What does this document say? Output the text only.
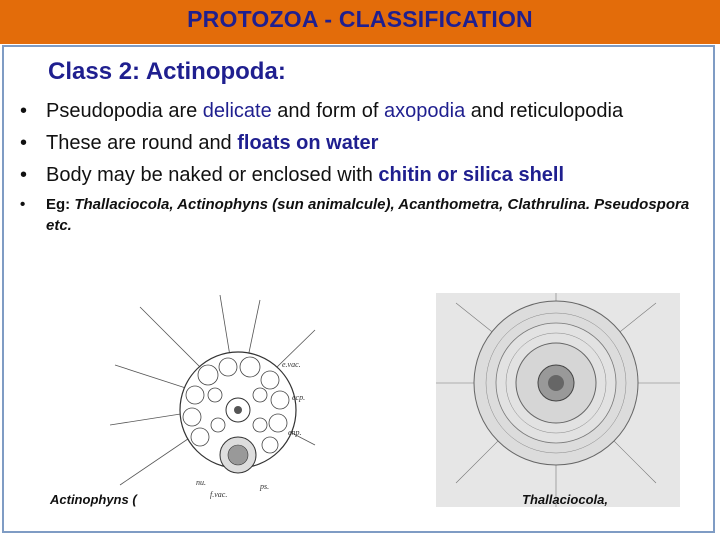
PROTOZOA - CLASSIFICATION
Class 2: Actinopoda:
• Pseudopodia are delicate and form of axopodia and reticulopodia
• These are round and floats on water
• Body may be naked or enclosed with chitin or silica shell
• Eg: Thallaciocola, Actinophyns (sun animalcule), Acanthometra, Clathrulina. Pseudospora etc.
e.vac.
ecp.
enp.
nu.
f.vac.
ps.
Actinophyns (	Thallaciocola,
